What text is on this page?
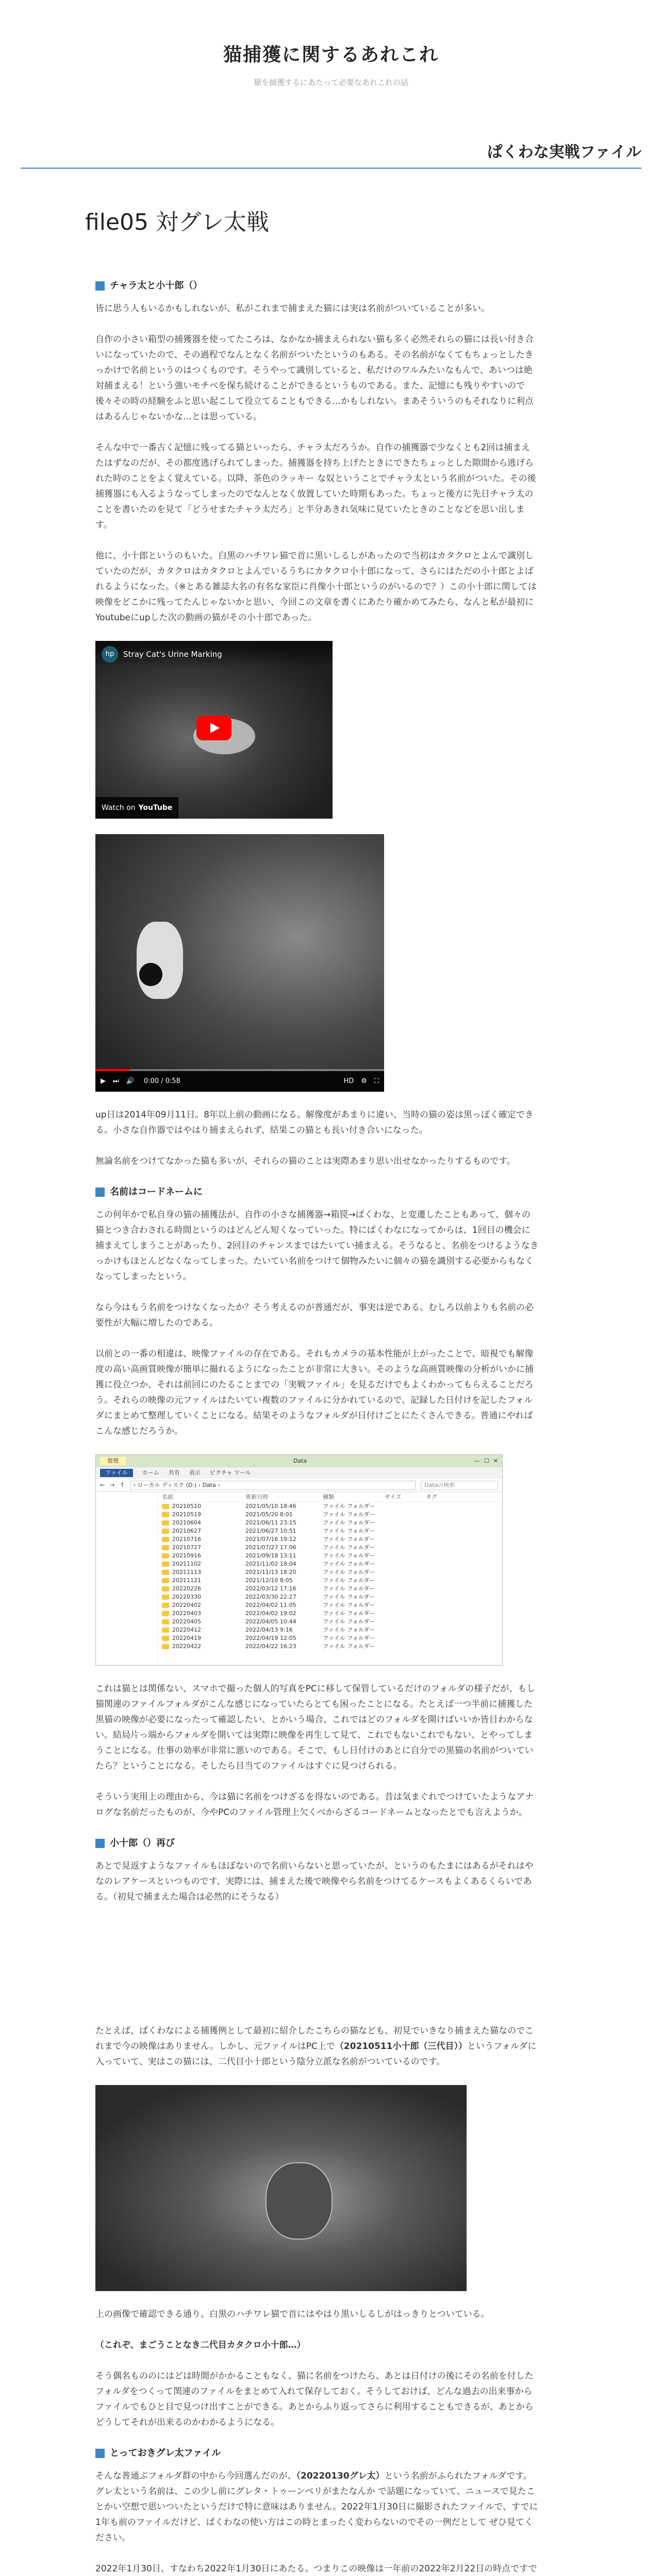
猫捕獲に関するあれこれ
猫を捕獲するにあたって必要なあれこれの話
ぱくわな実戦ファイル
file05 対グレ太戦
チャラ太と小十郎（）

皆に思う人もいるかもしれないが、私がこれまで捕まえた猫には実は名前がついていることが多い。

自作の小さい箱型の捕獲器を使ってたころは、なかなか捕まえられない猫も多く必然それらの猫には長い付き合いになっていたので、その過程でなんとなく名前がついたというのもある。その名前がなくてもちょっとしたきっかけで名前というのはつくものです。そうやって識別していると、私だけのワルみたいなもんで、あいつは絶対捕まえる！という強いモチベを保ち続けることができるというものである。また、記憶にも残りやすいので後々その時の経験をふと思い起こして役立てることもできる…かもしれない。まあそういうのもそれなりに利点はあるんじゃないかな…とは思っている。

そんな中で一番古く記憶に残ってる猫といったら、チャラ太だろうか。自作の捕獲器で少なくとも2回は捕まえたはずなのだが、その都度逃げられてしまった。捕獲器を持ち上げたときにできたちょっとした隙間から逃げられた時のことをよく覚えている。以降、茶色のラッキー な奴ということでチャラ太という名前がついた。その後捕獲器にも入るようなってしまったのでなんとなく放置していた時期もあった。ちょっと後方に先日チャラ太のことを書いたのを見て「どうせまたチャラ太だろ」と半分あきれ気味に見ていたときのことなどを思い出します。

他に、小十郎というのもいた。白黒のハチワレ猫で首に黒いしるしがあったので当初はカタクロとよんで識別していたのだが、カタクロはカタクロとよんでいるうちにカタクロ小十郎になって、さらにはただの小十郎とよばれるようになった。（※とある雑誌大名の有名な家臣に肖像小十郎というのがいるので？）この小十郎に関しては映像をどこかに残ってたんじゃないかと思い、今回この文章を書くにあたり確かめてみたら、なんと私が最初にYoutubeにupした次の動画の猫がその小十郎であった。

hp	Stray Cat's Urine Marking
Watch on YouTube
▶ ⏭ 🔊 0:00 / 0:58	HD ⚙ ⛶

up日は2014年09月11日。8年以上前の動画になる。解像度があまりに違い、当時の猫の姿は黒っぽく確定できる。小さな自作器ではやはり捕まえられず、結果この猫とも長い付き合いになった。

無論名前をつけてなかった猫も多いが、それらの猫のことは実際あまり思い出せなかったりするものです。

名前はコードネームに

この何年かで私自身の猫の捕獲法が、自作の小さな捕獲器→箱罠→ぱくわな、と変遷したこともあって、個々の猫とつき合わされる時間というのはどんどん短くなっていった。特にぱくわなになってからは、1回目の機会に捕まえてしまうことがあったり、2回目のチャンスまではたいてい捕まえる。そうなると、名前をつけるようなきっかけもほとんどなくなってしまった。たいてい名前をつけて個物みたいに個々の猫を識別する必要からもなくなってしまったという。

なら今はもう名前をつけなくなったか？そう考えるのが普通だが、事実は逆である。むしろ以前よりも名前の必要性が大幅に増したのである。

以前との一番の相違は、映像ファイルの存在である。それもカメラの基本性能が上がったことで、暗視でも解像度の高い高画質映像が簡単に撮れるようになったことが非常に大きい。そのような高画質映像の分析がいかに捕獲に役立つか、それは前回にのたることまでの「実戦ファイル」を見るだけでもよくわかってもらえることだろう。それらの映像の元ファイルはたいてい複数のファイルに分かれているので、記録した日付けを記したフォルダにまとめて整理していくことになる。結果そのようなフォルダが日付けごとにたくさんできる。普通にやればこんな感じだろうか。

管理	Data	— ☐ ✕
ファイル	ホーム 共有 表示 ピクチャ ツール
← → ↑	› ローカル ディスク (D:) › Data ›	Dataの検索
名前	更新日時	種類	サイズ	タグ
20210510	2021/05/10 18:46	ファイル フォルダー
20210519	2021/05/20 8:01	ファイル フォルダー
20210604	2021/06/11 23:15	ファイル フォルダー
20210627	2021/06/27 10:51	ファイル フォルダー
20210716	2021/07/16 19:12	ファイル フォルダー
20210727	2021/07/27 17:06	ファイル フォルダー
20210916	2021/09/18 13:11	ファイル フォルダー
20211102	2021/11/02 18:04	ファイル フォルダー
20211113	2021/11/13 18:20	ファイル フォルダー
20211121	2021/12/10 8:05	ファイル フォルダー
20220226	2022/03/12 17:16	ファイル フォルダー
20220330	2022/03/30 22:27	ファイル フォルダー
20220402	2022/04/02 11:05	ファイル フォルダー
20220403	2022/04/02 19:02	ファイル フォルダー
20220405	2022/04/05 10:44	ファイル フォルダー
20220412	2022/04/13 9:16	ファイル フォルダー
20220419	2022/04/19 12:05	ファイル フォルダー
20220422	2022/04/22 16:23	ファイル フォルダー

これは猫とは関係ない、スマホで撮った個人的写真をPCに移して保管しているだけのフォルダの様子だが、もし猫関連のファイルフォルダがこんな感じになっていたらとても困ったことになる。たとえば一つ半前に捕獲した黒猫の映像が必要になったって確認したい、とかいう場合、これではどのフォルダを開けばいいか皆目わからない。結局片っ端からフォルダを開いては実際に映像を再生して見て、これでもないこれでもない、とやってしまうことになる。仕事の効率が非常に悪いのである。そこで、もし日付けのあとに自分での黒猫の名前がついていたら？ということになる。そしたら目当てのファイルはすぐに見つけられる。

そういう実用上の理由から、今は猫に名前をつけざるを得ないのである。昔は気まぐれでつけていたようなアナログな名前だったものが、今やPCのファイル管理上欠くべからざるコードネームとなったとでも言えようか。

小十郎（）再び

あとで見返すようなファイルもほぼないので名前いらないと思っていたが、というのもたまにはあるがそれはやなのレアケースといつものです、実際には、捕まえた後で映像やら名前をつけてるケースもよくあるくらいである。（初見で捕まえた場合は必然的にそうなる）

たとえば、ぱくわなによる捕獲例として最初に紹介したこちらの猫なども、初見でいきなり捕まえた猫なのでこれまで今の映像はありません。しかし、元ファイルはPC上で（20210511小十郎（三代目））というフォルダに入っていて、実はこの猫には、二代目小十郎という陰分立派な名前がついているのです。

上の画像で確認できる通り、白黒のハチワレ猫で首にはやはり黒いしるしがはっきりとついている。

（これぞ、まごうことなき二代目カタクロ小十郎…）

そう偶名もののにはどは時間がかかることもなく、猫に名前をつけたら、あとは日付けの後にその名前を付したフォルダをつくって関連のファイルをまとめて入れて保存しておく。そうしておけば、どんな過去の出来事からファイルでもひと目で見つけ出すことができる。あとからふり返ってさらに利用することもできるが、あとからどうしてそれが出来るのかわかるようになる。

とっておきグレ太ファイル

そんな普通ぷフォルダ群の中から今回選んだのが、（20220130グレ太）という名前がふられたフォルダです。グレ太という名前は、この少し前にグレタ・トゥーンベリがまたなんか で話題になっていて、ニュースで見たことかい空想で思いついたというだけで特に意味はありません。2022年1月30日に撮影されたファイルで、すでに1年も前のファイルだけど、ぱくわなの使い方はこの時とまったく変わらないのでその一例だとして ぜひ見てください。

2022年1月30日、すなわち2022年1月30日にあたる。つまりこの映像は一年前の2022年2月22日の時点ですで
